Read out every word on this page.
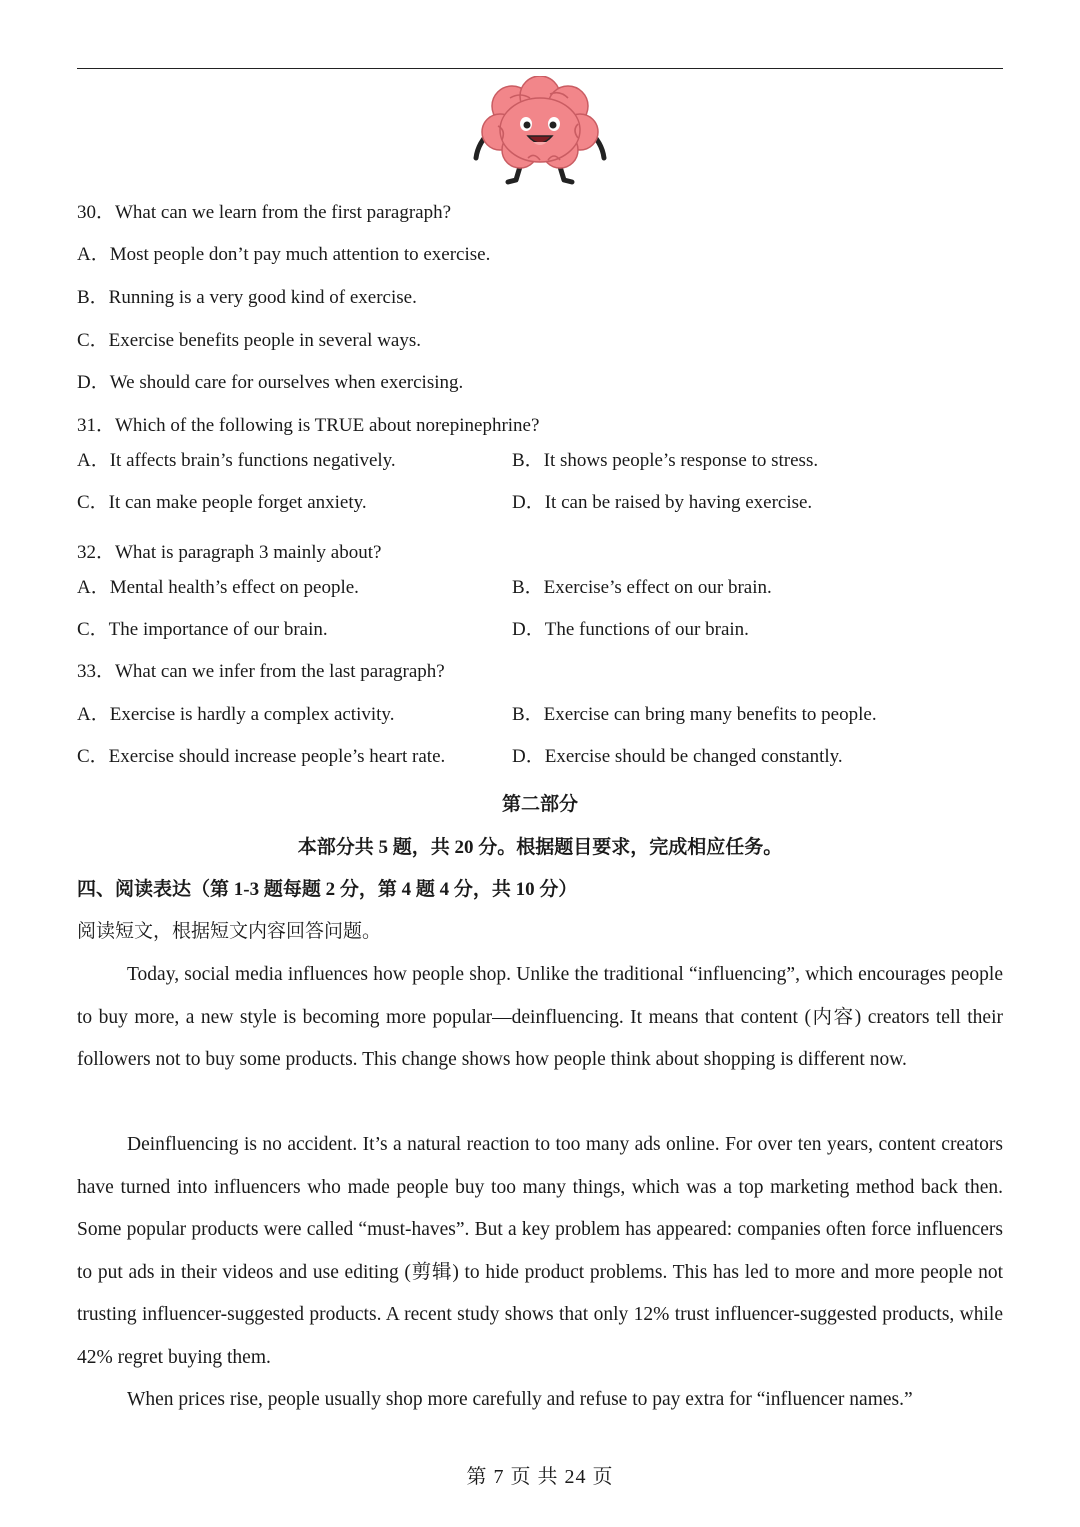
30．What can we learn from the first paragraph?
A．Most people don’t pay much attention to exercise.
B．Running is a very good kind of exercise.
C．Exercise benefits people in several ways.
D．We should care for ourselves when exercising.
31．Which of the following is TRUE about norepinephrine?
A．It affects brain’s functions negatively.	B．It shows people’s response to stress.
C．It can make people forget anxiety.	D．It can be raised by having exercise.
32．What is paragraph 3 mainly about?
A．Mental health’s effect on people.	B．Exercise’s effect on our brain.
C．The importance of our brain.	D．The functions of our brain.
33．What can we infer from the last paragraph?
A．Exercise is hardly a complex activity.	B．Exercise can bring many benefits to people.
C．Exercise should increase people’s heart rate.	D．Exercise should be changed constantly.
第二部分
本部分共 5 题，共 20 分。根据题目要求，完成相应任务。
四、阅读表达（第 1-3 题每题 2 分，第 4 题 4 分，共 10 分）
阅读短文，根据短文内容回答问题。
Today, social media influences how people shop. Unlike the traditional “influencing”, which encourages people to buy more, a new style is becoming more popular—deinfluencing. It means that content (内容) creators tell their followers not to buy some products. This change shows how people think about shopping is different now.
Deinfluencing is no accident. It’s a natural reaction to too many ads online. For over ten years, content creators have turned into influencers who made people buy too many things, which was a top marketing method back then. Some popular products were called “must-haves”. But a key problem has appeared: companies often force influencers to put ads in their videos and use editing (剪辑) to hide product problems. This has led to more and more people not trusting influencer-suggested products. A recent study shows that only 12% trust influencer-suggested products, while 42% regret buying them.
When prices rise, people usually shop more carefully and refuse to pay extra for “influencer names.”
第 7 页 共 24 页
